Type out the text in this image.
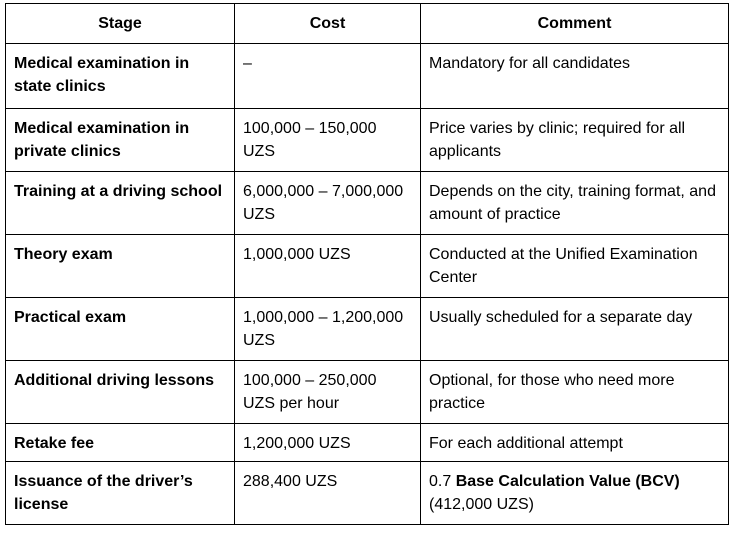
Stage	Cost	Comment
Medical examination in state clinics	–	Mandatory for all candidates
Medical examination in private clinics	100,000 – 150,000 UZS	Price varies by clinic; required for all applicants
Training at a driving school	6,000,000 – 7,000,000 UZS	Depends on the city, training format, and amount of practice
Theory exam	1,000,000 UZS	Conducted at the Unified Examination Center
Practical exam	1,000,000 – 1,200,000 UZS	Usually scheduled for a separate day
Additional driving lessons	100,000 – 250,000 UZS per hour	Optional, for those who need more practice
Retake fee	1,200,000 UZS	For each additional attempt
Issuance of the driver’s license	288,400 UZS	0.7 Base Calculation Value (BCV)
(412,000 UZS)
